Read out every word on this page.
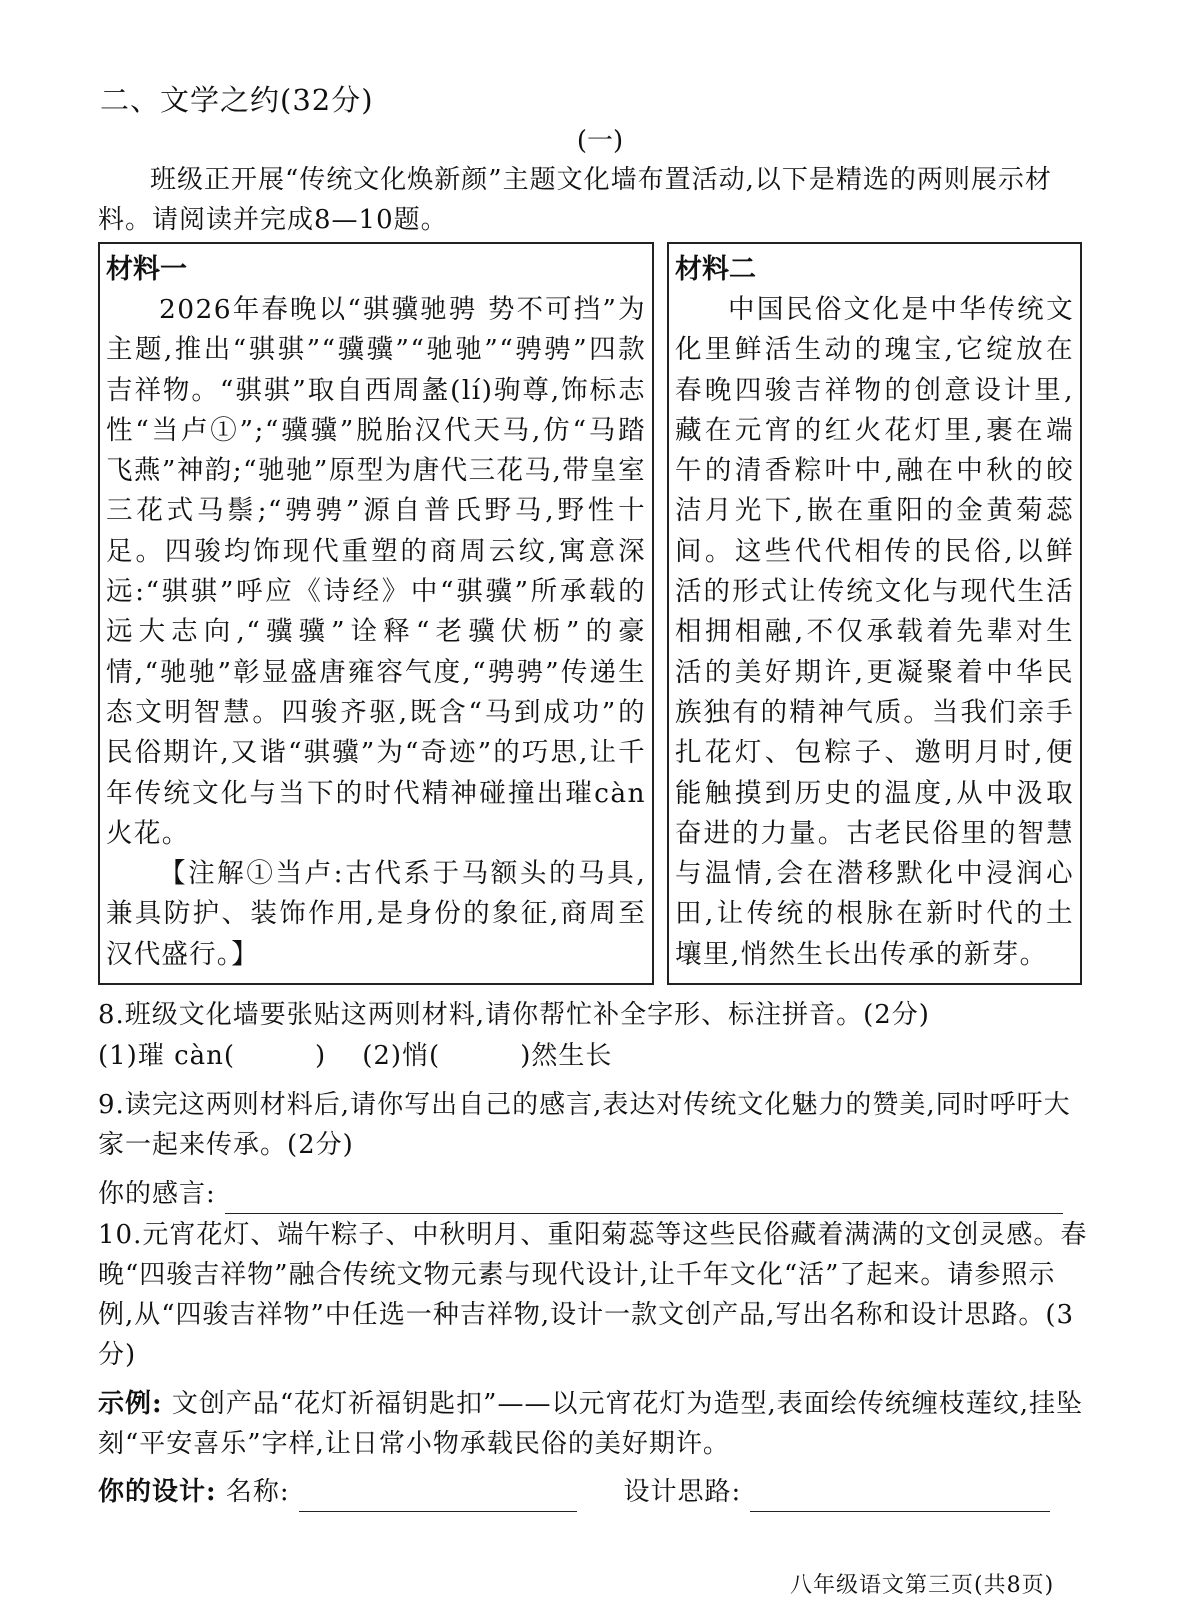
二、文学之约(32分)
(一)
班级正开展“传统文化焕新颜”主题文化墙布置活动,以下是精选的两则展示材料。请阅读并完成8—10题。
材料一

2026年春晚以“骐骥驰骋 势不可挡”为主题,推出“骐骐”“骥骥”“驰驰”“骋骋”四款吉祥物。“骐骐”取自西周盠(lí)驹尊,饰标志性“当卢①”;“骥骥”脱胎汉代天马,仿“马踏飞燕”神韵;“驰驰”原型为唐代三花马,带皇室三花式马鬃;“骋骋”源自普氏野马,野性十足。四骏均饰现代重塑的商周云纹,寓意深远:“骐骐”呼应《诗经》中“骐骥”所承载的远大志向,“骥骥”诠释“老骥伏枥”的豪情,“驰驰”彰显盛唐雍容气度,“骋骋”传递生态文明智慧。四骏齐驱,既含“马到成功”的民俗期许,又谐“骐骥”为“奇迹”的巧思,让千年传统文化与当下的时代精神碰撞出璀càn火花。

【注解①当卢:古代系于马额头的马具,兼具防护、装饰作用,是身份的象征,商周至汉代盛行。】

材料二

中国民俗文化是中华传统文化里鲜活生动的瑰宝,它绽放在春晚四骏吉祥物的创意设计里,藏在元宵的红火花灯里,裹在端午的清香粽叶中,融在中秋的皎洁月光下,嵌在重阳的金黄菊蕊间。这些代代相传的民俗,以鲜活的形式让传统文化与现代生活相拥相融,不仅承载着先辈对生活的美好期许,更凝聚着中华民族独有的精神气质。当我们亲手扎花灯、包粽子、邀明月时,便能触摸到历史的温度,从中汲取奋进的力量。古老民俗里的智慧与温情,会在潜移默化中浸润心田,让传统的根脉在新时代的土壤里,悄然生长出传承的新芽。

8.班级文化墙要张贴这两则材料,请你帮忙补全字形、标注拼音。(2分)
(1)璀 càn(	) (2)悄(	)然生长
9.读完这两则材料后,请你写出自己的感言,表达对传统文化魅力的赞美,同时呼吁大家一起来传承。(2分)
你的感言:
10.元宵花灯、端午粽子、中秋明月、重阳菊蕊等这些民俗藏着满满的文创灵感。春晚“四骏吉祥物”融合传统文物元素与现代设计,让千年文化“活”了起来。请参照示例,从“四骏吉祥物”中任选一种吉祥物,设计一款文创产品,写出名称和设计思路。(3分)
示例: 文创产品“花灯祈福钥匙扣”——以元宵花灯为造型,表面绘传统缠枝莲纹,挂坠刻“平安喜乐”字样,让日常小物承载民俗的美好期许。
你的设计: 名称:	设计思路:
八年级语文第三页(共8页)
